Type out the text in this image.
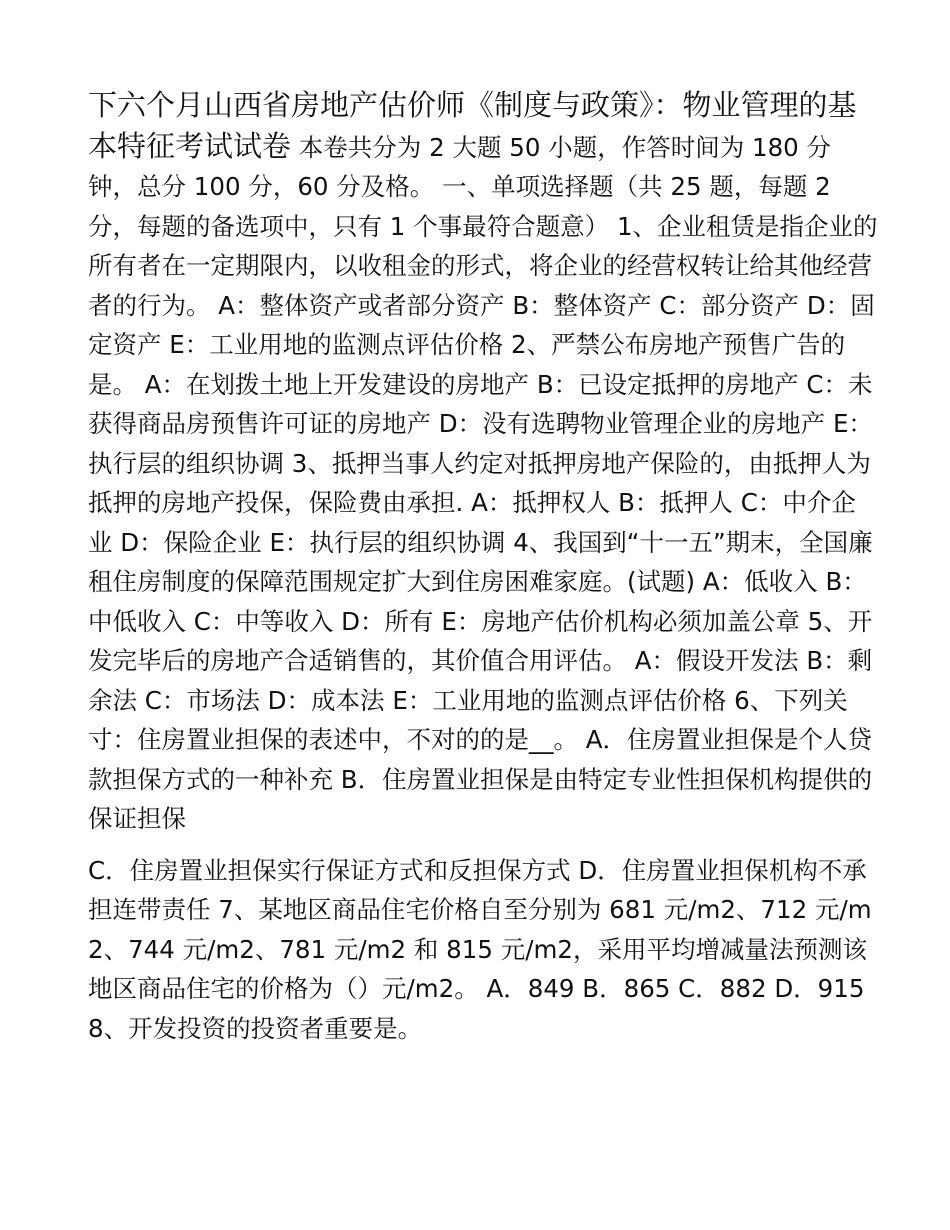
下六个月山西省房地产估价师《制度与政策》：物业管理的基本特征考试试卷 本卷共分为 2 大题 50 小题，作答时间为 180 分钟，总分 100 分，60 分及格。 一、单项选择题（共 25 题，每题 2 分，每题的备选项中，只有 1 个事最符合题意） 1、企业租赁是指企业的所有者在一定期限内，以收租金的形式，将企业的经营权转让给其他经营者的行为。 A：整体资产或者部分资产 B：整体资产 C：部分资产 D：固定资产 E：工业用地的监测点评估价格 2、严禁公布房地产预售广告的是。 A：在划拨土地上开发建设的房地产 B：已设定抵押的房地产 C：未获得商品房预售许可证的房地产 D：没有选聘物业管理企业的房地产 E：执行层的组织协调 3、抵押当事人约定对抵押房地产保险的，由抵押人为抵押的房地产投保，保险费由承担. A：抵押权人 B：抵押人 C：中介企业 D：保险企业 E：执行层的组织协调 4、我国到“十一五”期末，全国廉租住房制度的保障范围规定扩大到住房困难家庭。(试题) A：低收入 B：中低收入 C：中等收入 D：所有 E：房地产估价机构必须加盖公章 5、开发完毕后的房地产合适销售的，其价值合用评估。 A：假设开发法 B：剩余法 C：市场法 D：成本法 E：工业用地的监测点评估价格 6、下列关寸：住房置业担保的表述中，不对的的是__。 A．住房置业担保是个人贷款担保方式的一种补充 B．住房置业担保是由特定专业性担保机构提供的保证担保

C．住房置业担保实行保证方式和反担保方式 D．住房置业担保机构不承担连带责任 7、某地区商品住宅价格自至分别为 681 元/m2、712 元/m2、744 元/m2、781 元/m2 和 815 元/m2，采用平均增减量法预测该地区商品住宅的价格为（）元/m2。 A．849 B．865 C．882 D．915 8、开发投资的投资者重要是。
